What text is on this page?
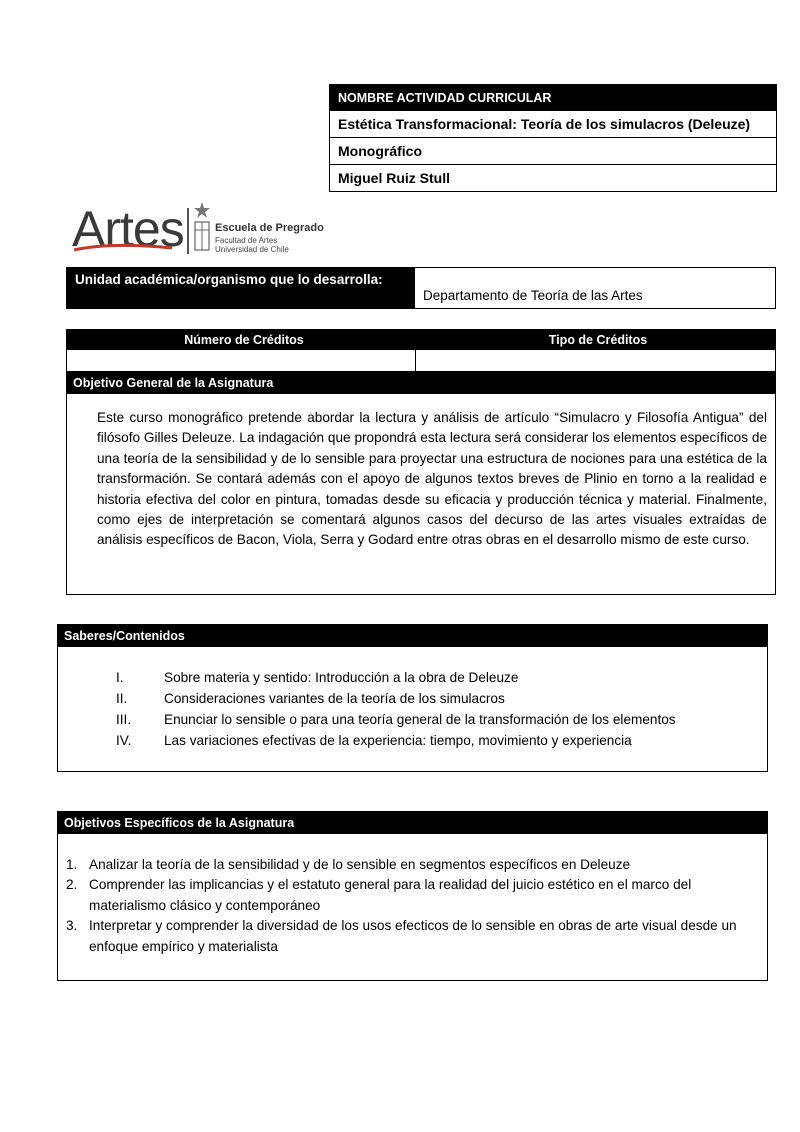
NOMBRE ACTIVIDAD CURRICULAR
Estética Transformacional: Teoría de los simulacros (Deleuze)
Monográfico
Miguel Ruiz Stull
Artes	Escuela de Pregrado
Facultad de Artes
Universidad de Chile
Unidad académica/organismo que lo desarrolla:
Departamento de Teoría de las Artes
Número de Créditos	Tipo de Créditos
Objetivo General de la Asignatura
Este curso monográfico pretende abordar la lectura y análisis de artículo “Simulacro y Filosofía Antigua” del filósofo Gilles Deleuze. La indagación que propondrá esta lectura será considerar los elementos específicos de una teoría de la sensibilidad y de lo sensible para proyectar una estructura de nociones para una estética de la transformación. Se contará además con el apoyo de algunos textos breves de Plinio en torno a la realidad e historia efectiva del color en pintura, tomadas desde su eficacia y producción técnica y material. Finalmente, como ejes de interpretación se comentará algunos casos del decurso de las artes visuales extraídas de análisis específicos de Bacon, Viola, Serra y Godard entre otras obras en el desarrollo mismo de este curso.
Saberes/Contenidos
I.	Sobre materia y sentido: Introducción a la obra de Deleuze
II.	Consideraciones variantes de la teoría de los simulacros
III.	Enunciar lo sensible o para una teoría general de la transformación de los elementos
IV.	Las variaciones efectivas de la experiencia: tiempo, movimiento y experiencia
Objetivos Específicos de la Asignatura
1. Analizar la teoría de la sensibilidad y de lo sensible en segmentos específicos en Deleuze
2. Comprender las implicancias y el estatuto general para la realidad del juicio estético en el marco del materialismo clásico y contemporáneo
3. Interpretar y comprender la diversidad de los usos efecticos de lo sensible en obras de arte visual desde un enfoque empírico y materialista
